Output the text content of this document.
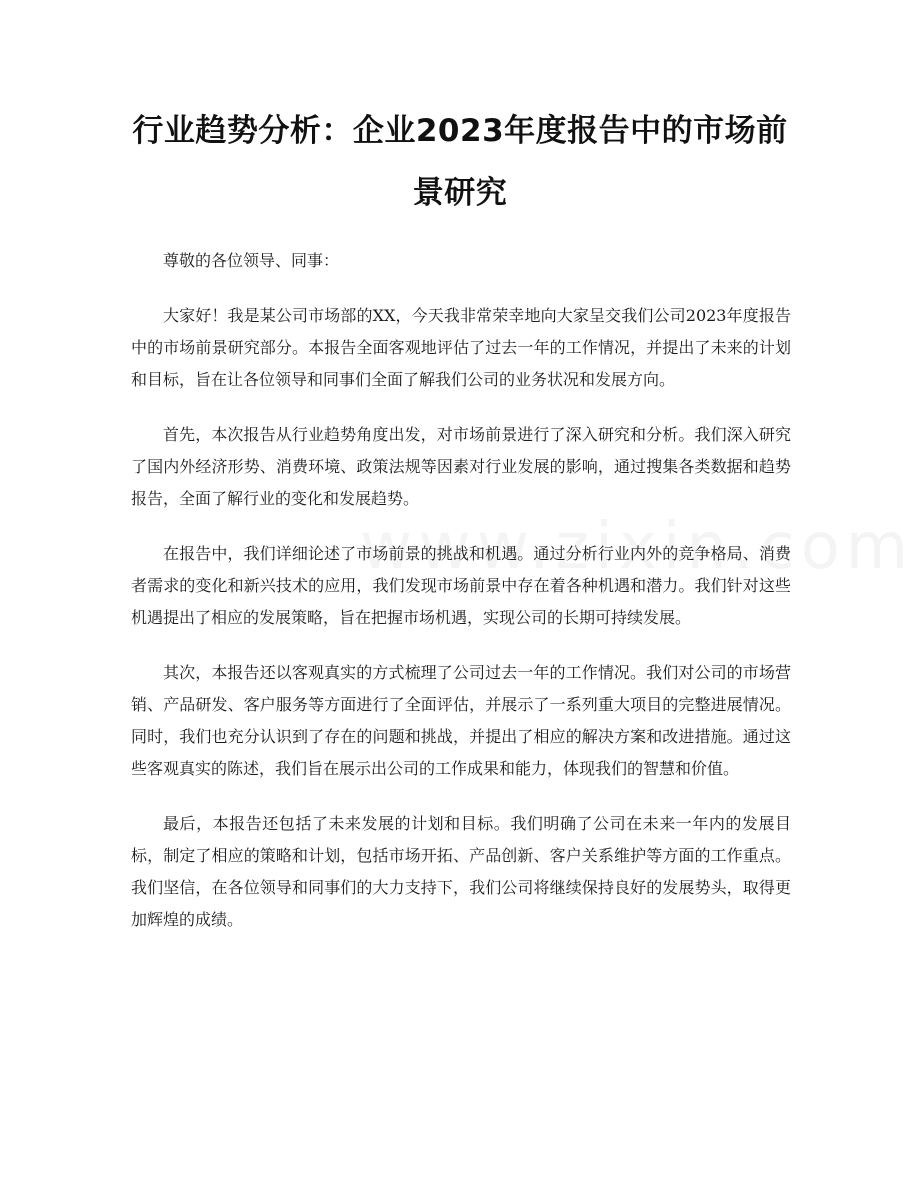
行业趋势分析：企业2023年度报告中的市场前景研究

尊敬的各位领导、同事：

大家好！我是某公司市场部的XX，今天我非常荣幸地向大家呈交我们公司2023年度报告中的市场前景研究部分。本报告全面客观地评估了过去一年的工作情况，并提出了未来的计划和目标，旨在让各位领导和同事们全面了解我们公司的业务状况和发展方向。

首先，本次报告从行业趋势角度出发，对市场前景进行了深入研究和分析。我们深入研究了国内外经济形势、消费环境、政策法规等因素对行业发展的影响，通过搜集各类数据和趋势报告，全面了解行业的变化和发展趋势。

在报告中，我们详细论述了市场前景的挑战和机遇。通过分析行业内外的竞争格局、消费者需求的变化和新兴技术的应用，我们发现市场前景中存在着各种机遇和潜力。我们针对这些机遇提出了相应的发展策略，旨在把握市场机遇，实现公司的长期可持续发展。

其次，本报告还以客观真实的方式梳理了公司过去一年的工作情况。我们对公司的市场营销、产品研发、客户服务等方面进行了全面评估，并展示了一系列重大项目的完整进展情况。同时，我们也充分认识到了存在的问题和挑战，并提出了相应的解决方案和改进措施。通过这些客观真实的陈述，我们旨在展示出公司的工作成果和能力，体现我们的智慧和价值。

最后，本报告还包括了未来发展的计划和目标。我们明确了公司在未来一年内的发展目标，制定了相应的策略和计划，包括市场开拓、产品创新、客户关系维护等方面的工作重点。我们坚信，在各位领导和同事们的大力支持下，我们公司将继续保持良好的发展势头，取得更加辉煌的成绩。
